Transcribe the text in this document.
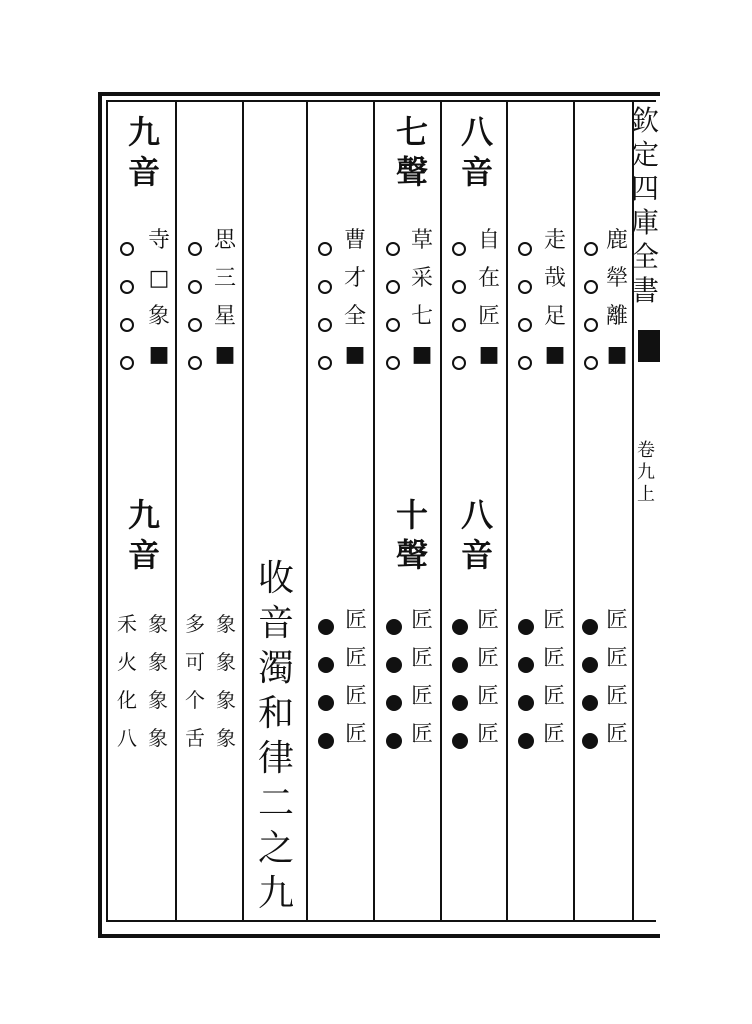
欽
定
四
庫
全
書
卷
九
上
九
音
寺
□
象
■
九
音
象
象
象
象
禾
火
化
八
思
三
星
■
象
象
象
象
多
可
个
舌
收
音
濁
和
律
二
之
九
曹
才
全
■
匠
匠
匠
匠
七
聲
草
采
七
■
十
聲
匠
匠
匠
匠
八
音
自
在
匠
■
八
音
匠
匠
匠
匠
走
哉
足
■
匠
匠
匠
匠
鹿
犖
離
■
匠
匠
匠
匠
